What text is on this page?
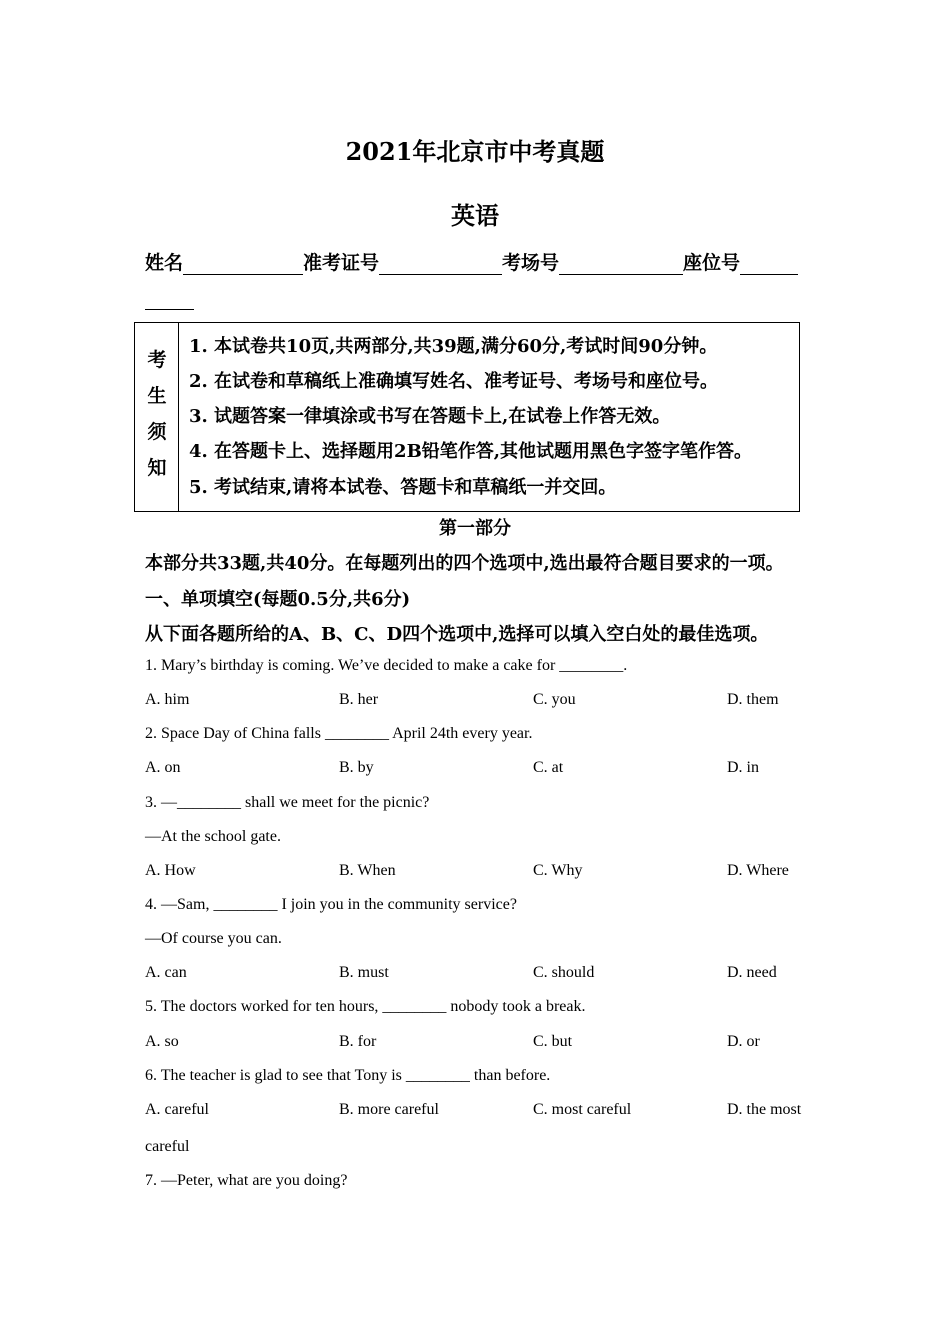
2021年北京市中考真题
英语
姓名	准考证号	考场号	座位号
考
生
须
知
1. 本试卷共10页,共两部分,共39题,满分60分,考试时间90分钟。
2. 在试卷和草稿纸上准确填写姓名、准考证号、考场号和座位号。
3. 试题答案一律填涂或书写在答题卡上,在试卷上作答无效。
4. 在答题卡上、选择题用2B铅笔作答,其他试题用黑色字签字笔作答。
5. 考试结束,请将本试卷、答题卡和草稿纸一并交回。
第一部分
本部分共33题,共40分。在每题列出的四个选项中,选出最符合题目要求的一项。
一、单项填空(每题0.5分,共6分)
从下面各题所给的A、B、C、D四个选项中,选择可以填入空白处的最佳选项。
1. Mary’s birthday is coming. We’ve decided to make a cake for ________.
A. him	B. her	C. you	D. them
2. Space Day of China falls ________ April 24th every year.
A. on	B. by	C. at	D. in
3. —________ shall we meet for the picnic?
—At the school gate.
A. How	B. When	C. Why	D. Where
4. —Sam, ________ I join you in the community service?
—Of course you can.
A. can	B. must	C. should	D. need
5. The doctors worked for ten hours, ________ nobody took a break.
A. so	B. for	C. but	D. or
6. The teacher is glad to see that Tony is ________ than before.
A. careful	B. more careful	C. most careful	D. the most
careful
7. —Peter, what are you doing?
